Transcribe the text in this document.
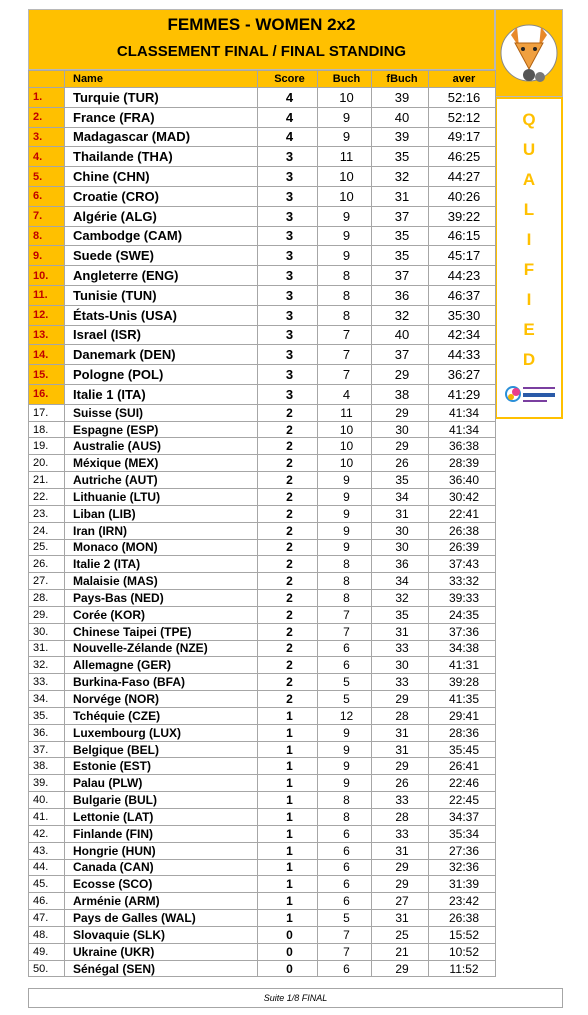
FEMMES - WOMEN 2x2
CLASSEMENT FINAL / FINAL STANDING
Q
U
A
L
I
F
I
E
D
	Name	Score	Buch	fBuch	aver
1.	Turquie (TUR)	4	10	39	52:16
2.	France (FRA)	4	9	40	52:12
3.	Madagascar (MAD)	4	9	39	49:17
4.	Thailande (THA)	3	11	35	46:25
5.	Chine (CHN)	3	10	32	44:27
6.	Croatie (CRO)	3	10	31	40:26
7.	Algérie (ALG)	3	9	37	39:22
8.	Cambodge (CAM)	3	9	35	46:15
9.	Suede (SWE)	3	9	35	45:17
10.	Angleterre (ENG)	3	8	37	44:23
11.	Tunisie (TUN)	3	8	36	46:37
12.	États-Unis (USA)	3	8	32	35:30
13.	Israel (ISR)	3	7	40	42:34
14.	Danemark (DEN)	3	7	37	44:33
15.	Pologne (POL)	3	7	29	36:27
16.	Italie 1 (ITA)	3	4	38	41:29
17.	Suisse (SUI)	2	11	29	41:34
18.	Espagne (ESP)	2	10	30	41:34
19.	Australie (AUS)	2	10	29	36:38
20.	Méxique (MEX)	2	10	26	28:39
21.	Autriche (AUT)	2	9	35	36:40
22.	Lithuanie (LTU)	2	9	34	30:42
23.	Liban (LIB)	2	9	31	22:41
24.	Iran (IRN)	2	9	30	26:38
25.	Monaco (MON)	2	9	30	26:39
26.	Italie 2 (ITA)	2	8	36	37:43
27.	Malaisie (MAS)	2	8	34	33:32
28.	Pays-Bas (NED)	2	8	32	39:33
29.	Corée (KOR)	2	7	35	24:35
30.	Chinese Taipei (TPE)	2	7	31	37:36
31.	Nouvelle-Zélande (NZE)	2	6	33	34:38
32.	Allemagne (GER)	2	6	30	41:31
33.	Burkina-Faso (BFA)	2	5	33	39:28
34.	Norvége (NOR)	2	5	29	41:35
35.	Tchéquie (CZE)	1	12	28	29:41
36.	Luxembourg (LUX)	1	9	31	28:36
37.	Belgique (BEL)	1	9	31	35:45
38.	Estonie (EST)	1	9	29	26:41
39.	Palau (PLW)	1	9	26	22:46
40.	Bulgarie (BUL)	1	8	33	22:45
41.	Lettonie (LAT)	1	8	28	34:37
42.	Finlande (FIN)	1	6	33	35:34
43.	Hongrie (HUN)	1	6	31	27:36
44.	Canada (CAN)	1	6	29	32:36
45.	Ecosse (SCO)	1	6	29	31:39
46.	Arménie (ARM)	1	6	27	23:42
47.	Pays de Galles (WAL)	1	5	31	26:38
48.	Slovaquie (SLK)	0	7	25	15:52
49.	Ukraine (UKR)	0	7	21	10:52
50.	Sénégal (SEN)	0	6	29	11:52
Suite 1/8 FINAL
